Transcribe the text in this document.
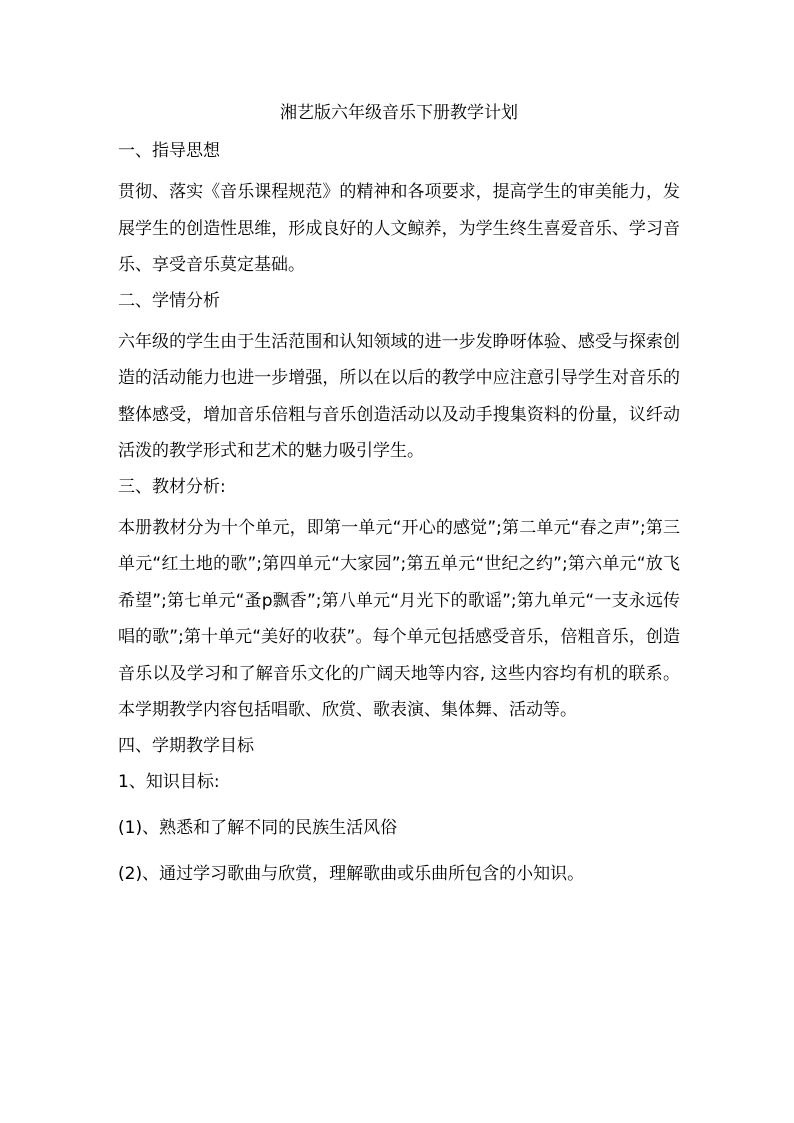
湘艺版六年级音乐下册教学计划
一、指导思想
贯彻、落实《音乐课程规范》的精神和各项要求，提高学生的审美能力，发展学生的创造性思维，形成良好的人文鲸养，为学生终生喜爱音乐、学习音乐、享受音乐莫定基础。
二、学情分析
六年级的学生由于生活范围和认知领域的进一步发睁呀体验、感受与探索创造的活动能力也进一步增强，所以在以后的教学中应注意引导学生对音乐的整体感受，增加音乐倍粗与音乐创造活动以及动手搜集资料的份量，议纤动活泼的教学形式和艺术的魅力吸引学生。
三、教材分析:
本册教材分为十个单元，即第一单元“开心的感觉”;第二单元“春之声”;第三单元“红土地的歌”;第四单元“大家园”;第五单元“世纪之约”;第六单元“放飞希望”;第七单元“蚤p飘香”;第八单元“月光下的歌谣”;第九单元“一支永远传唱的歌”;第十单元“美好的收获”。每个单元包括感受音乐，倍粗音乐，创造音乐以及学习和了解音乐文化的广阔天地等内容, 这些内容均有机的联系。本学期教学内容包括唱歌、欣赏、歌表演、集体舞、活动等。
四、学期教学目标
1、知识目标:
(1)、熟悉和了解不同的民族生活风俗
(2)、通过学习歌曲与欣赏，理解歌曲或乐曲所包含的小知识。
